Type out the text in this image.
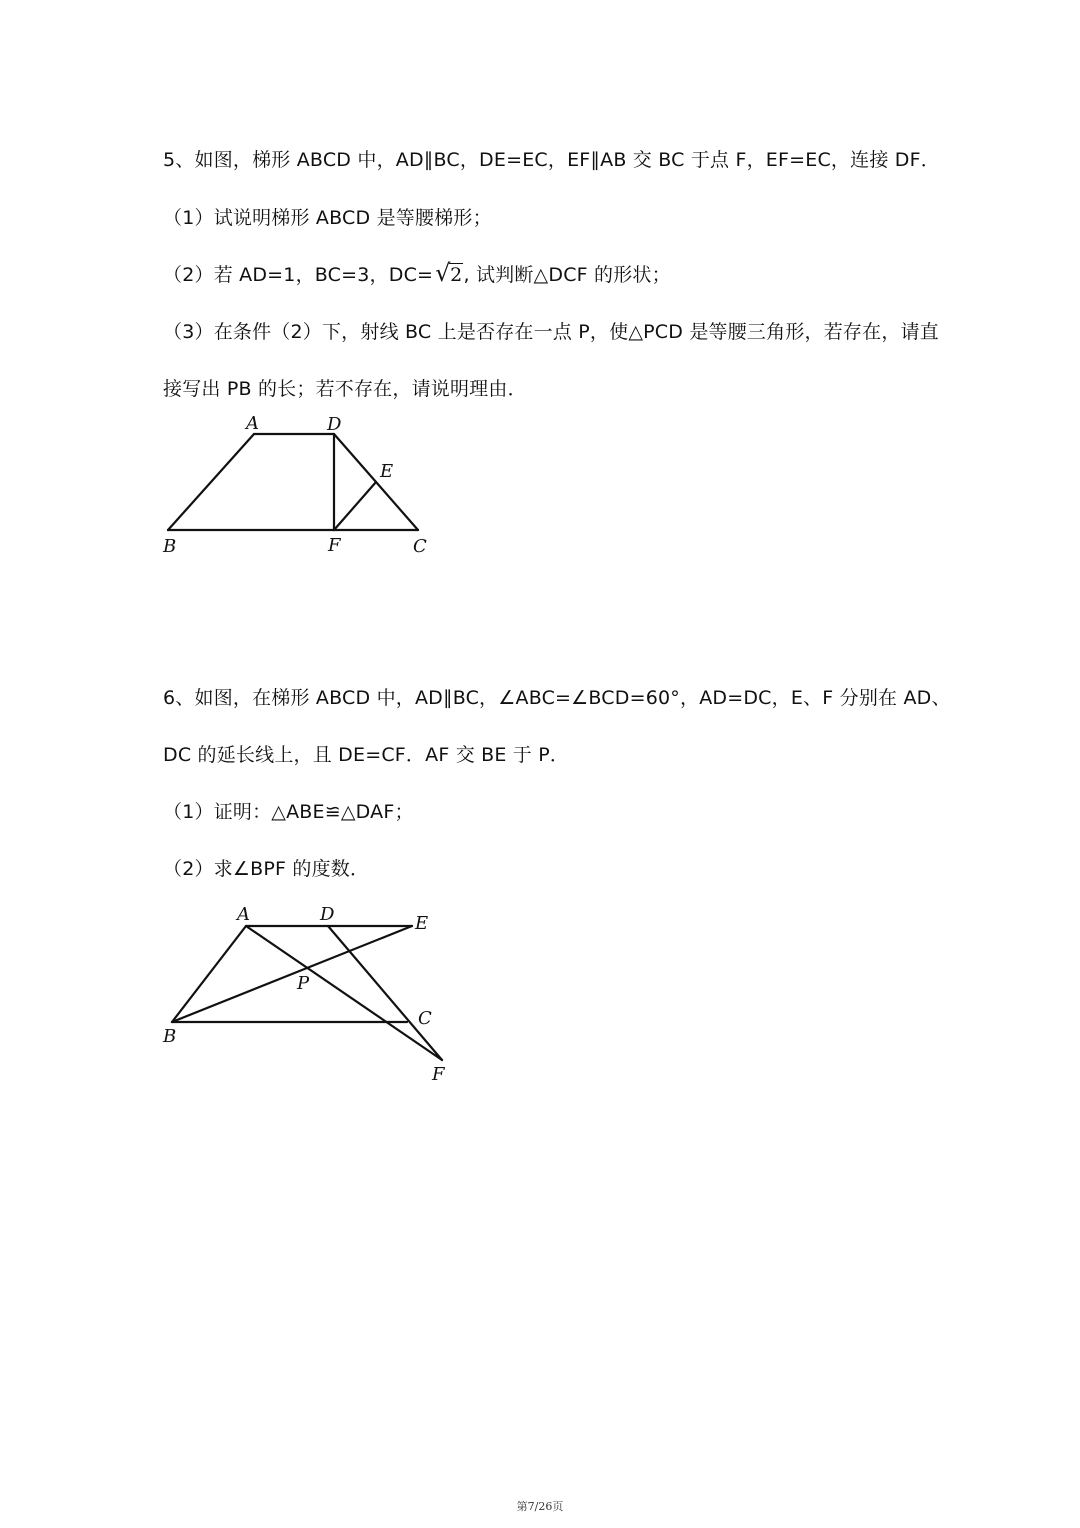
5、如图，梯形 ABCD 中，AD∥BC，DE=EC，EF∥AB 交 BC 于点 F，EF=EC，连接 DF．
（1）试说明梯形 ABCD 是等腰梯形；
（2）若 AD=1，BC=3，DC= √ 2, 试判断△DCF 的形状；
（3）在条件（2）下，射线 BC 上是否存在一点 P，使△PCD 是等腰三角形，若存在，请直
接写出 PB 的长；若不存在，请说明理由．
A	D
E
B	F	C
6、如图，在梯形 ABCD 中，AD∥BC，∠ABC=∠BCD=60°，AD=DC，E、F 分别在 AD、
DC 的延长线上，且 DE=CF．AF 交 BE 于 P．
（1）证明：△ABE≌△DAF；
（2）求∠BPF 的度数．
A	D	E
P
B
C
F
第7/26页
